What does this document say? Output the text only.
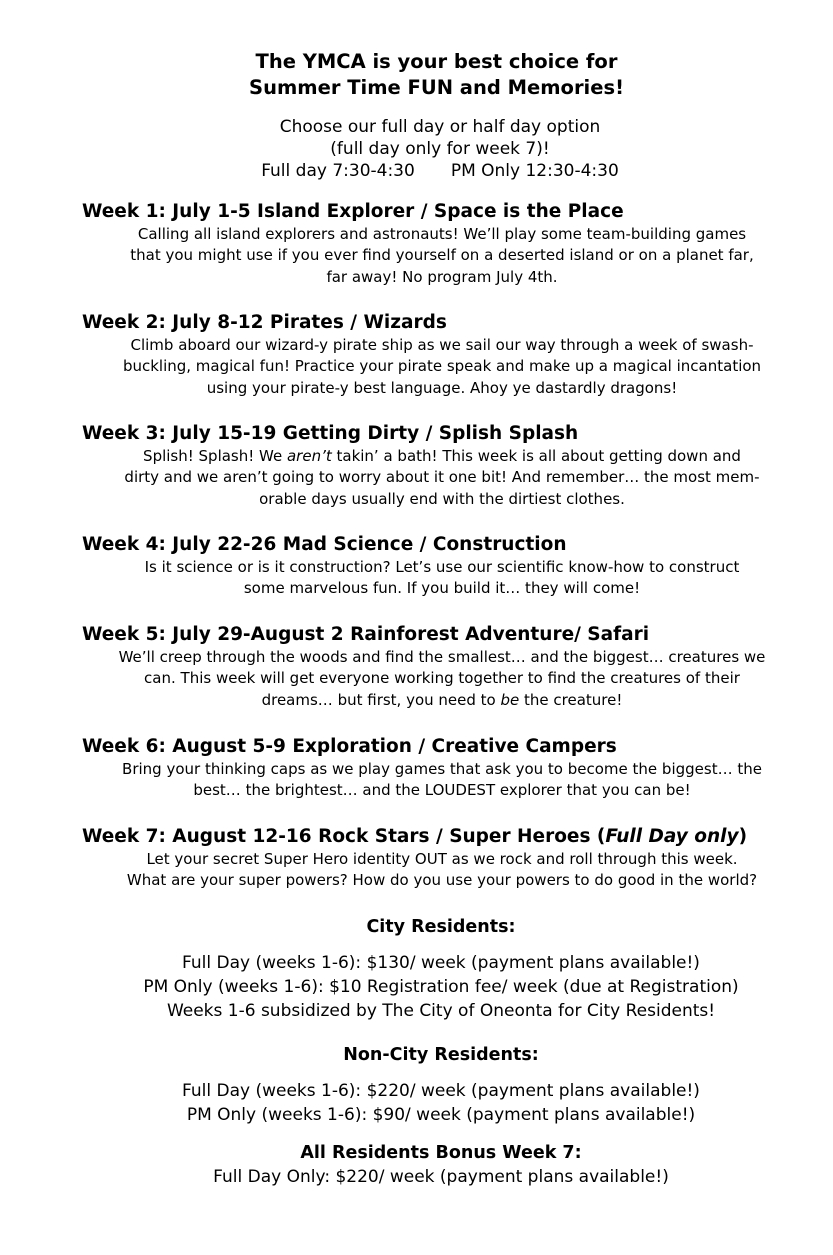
The YMCA is your best choice for
Summer Time FUN and Memories!
Choose our full day or half day option
(full day only for week 7)!
Full day 7:30-4:30 PM Only 12:30-4:30
Week 1: July 1-5 Island Explorer / Space is the Place
Calling all island explorers and astronauts! We’ll play some team-building games
that you might use if you ever find yourself on a deserted island or on a planet far,
far away! No program July 4th.
Week 2: July 8-12 Pirates / Wizards
Climb aboard our wizard-y pirate ship as we sail our way through a week of swash-
buckling, magical fun! Practice your pirate speak and make up a magical incantation
using your pirate-y best language. Ahoy ye dastardly dragons!
Week 3: July 15-19 Getting Dirty / Splish Splash
Splish! Splash! We aren’t takin’ a bath! This week is all about getting down and
dirty and we aren’t going to worry about it one bit! And remember… the most mem-
orable days usually end with the dirtiest clothes.
Week 4: July 22-26 Mad Science / Construction
Is it science or is it construction? Let’s use our scientific know-how to construct
some marvelous fun. If you build it… they will come!
Week 5: July 29-August 2 Rainforest Adventure/ Safari
We’ll creep through the woods and find the smallest… and the biggest… creatures we
can. This week will get everyone working together to find the creatures of their
dreams… but first, you need to be the creature!
Week 6: August 5-9 Exploration / Creative Campers
Bring your thinking caps as we play games that ask you to become the biggest… the
best… the brightest… and the LOUDEST explorer that you can be!
Week 7: August 12-16 Rock Stars / Super Heroes (Full Day only)
Let your secret Super Hero identity OUT as we rock and roll through this week.
What are your super powers? How do you use your powers to do good in the world?
City Residents:
Full Day (weeks 1-6): $130/ week (payment plans available!)
PM Only (weeks 1-6): $10 Registration fee/ week (due at Registration)
Weeks 1-6 subsidized by The City of Oneonta for City Residents!
Non-City Residents:
Full Day (weeks 1-6): $220/ week (payment plans available!)
PM Only (weeks 1-6): $90/ week (payment plans available!)
All Residents Bonus Week 7:
Full Day Only: $220/ week (payment plans available!)
